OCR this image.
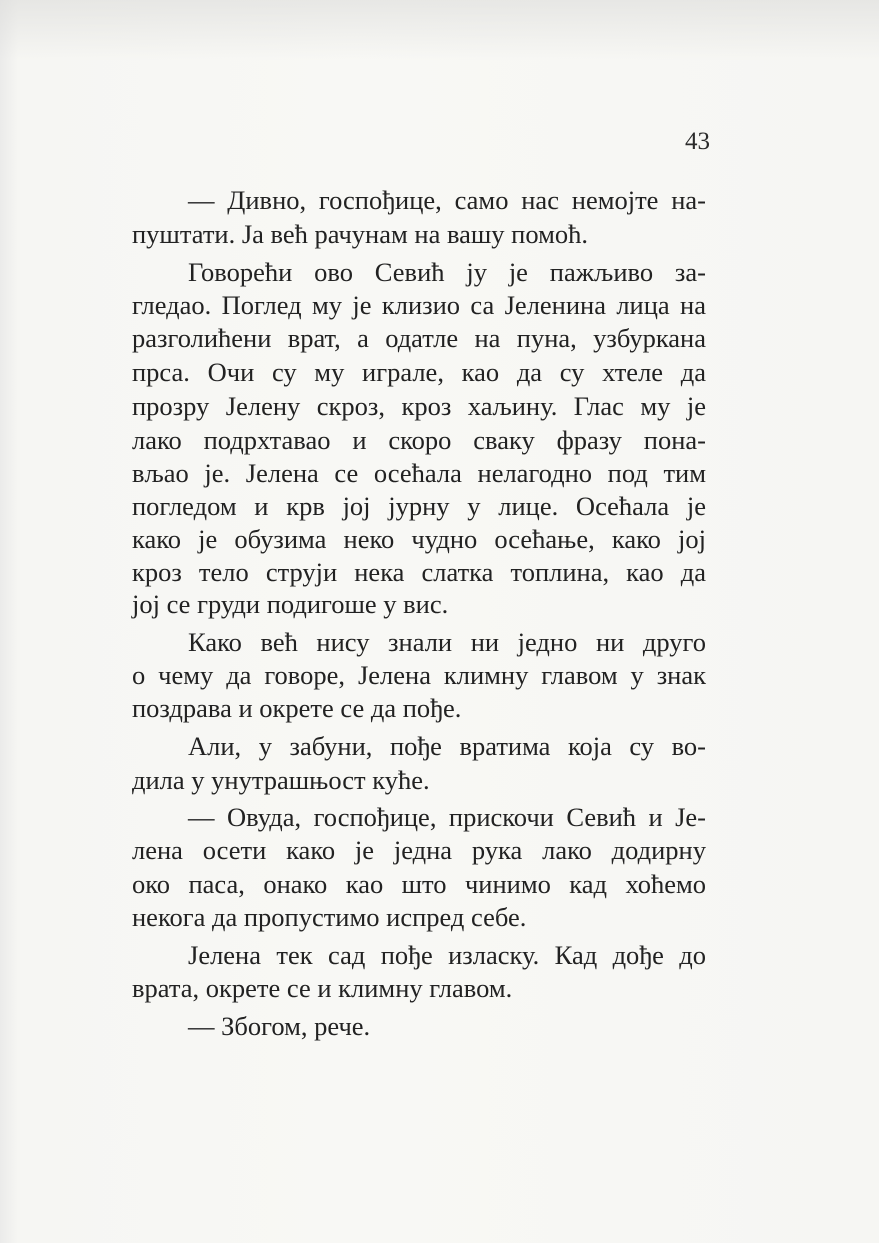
43

— Дивно, госпођице, само нас немојте на-
пуштати. Ја већ рачунам на вашу помоћ.
Говорећи ово Севић ју је пажљиво за-
гледао. Поглед му је клизио са Јеленина лица на
разголићени врат, а одатле на пуна, узбуркана
прса. Очи су му играле, као да су хтеле да
прозру Јелену скроз, кроз хаљину. Глас му је
лако подрхтавао и скоро сваку фразу пона-
вљао је. Јелена се осећала нелагодно под тим
погледом и крв јој јурну у лице. Осећала је
како је обузима неко чудно осећање, како јој
кроз тело струји нека слатка топлина, као да
јој се груди подигоше у вис.
Како већ нису знали ни једно ни друго
о чему да говоре, Јелена климну главом у знак
поздрава и окрете се да пође.
Али, у забуни, пође вратима која су во-
дила у унутрашњост куће.
— Овуда, госпођице, прискочи Севић и Је-
лена осети како је једна рука лако додирну
око паса, онако као што чинимо кад хоћемо
некога да пропустимо испред себе.
Јелена тек сад пође изласку. Кад дође до
врата, окрете се и климну главом.
— Збогом, рече.
